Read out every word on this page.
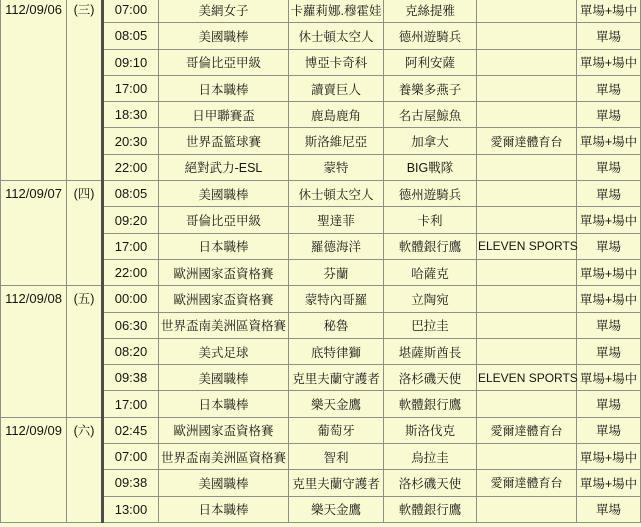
112/09/06	(三)	07:00	美網女子	卡蘿莉娜.穆霍娃	克絲提雅		單場+場中
		08:05	美國職棒	休士頓太空人	德州遊騎兵		單場
		09:10	哥倫比亞甲級	博亞卡奇科	阿利安薩		單場+場中
		17:00	日本職棒	讀賣巨人	養樂多燕子		單場
		18:30	日甲聯賽盃	鹿島鹿角	名古屋鯨魚		單場
		20:30	世界盃籃球賽	斯洛維尼亞	加拿大	愛爾達體育台	單場+場中
		22:00	絕對武力-ESL	蒙特	BIG戰隊		單場

112/09/07	(四)	08:05	美國職棒	休士頓太空人	德州遊騎兵		單場
		09:20	哥倫比亞甲級	聖達菲	卡利		單場+場中
		17:00	日本職棒	羅德海洋	軟體銀行鷹	ELEVEN SPORTS	單場
		22:00	歐洲國家盃資格賽	芬蘭	哈薩克		單場+場中

112/09/08	(五)	00:00	歐洲國家盃資格賽	蒙特內哥羅	立陶宛		單場+場中
		06:30	世界盃南美洲區資格賽	秘魯	巴拉圭		單場
		08:20	美式足球	底特律獅	堪薩斯酋長		單場
		09:38	美國職棒	克里夫蘭守護者	洛杉磯天使	ELEVEN SPORTS	單場+場中
		17:00	日本職棒	樂天金鷹	軟體銀行鷹		單場

112/09/09	(六)	02:45	歐洲國家盃資格賽	葡萄牙	斯洛伐克	愛爾達體育台	單場
		07:00	世界盃南美洲區資格賽	智利	烏拉圭		單場+場中
		09:38	美國職棒	克里夫蘭守護者	洛杉磯天使	愛爾達體育台	單場+場中
		13:00	日本職棒	樂天金鷹	軟體銀行鷹		單場
